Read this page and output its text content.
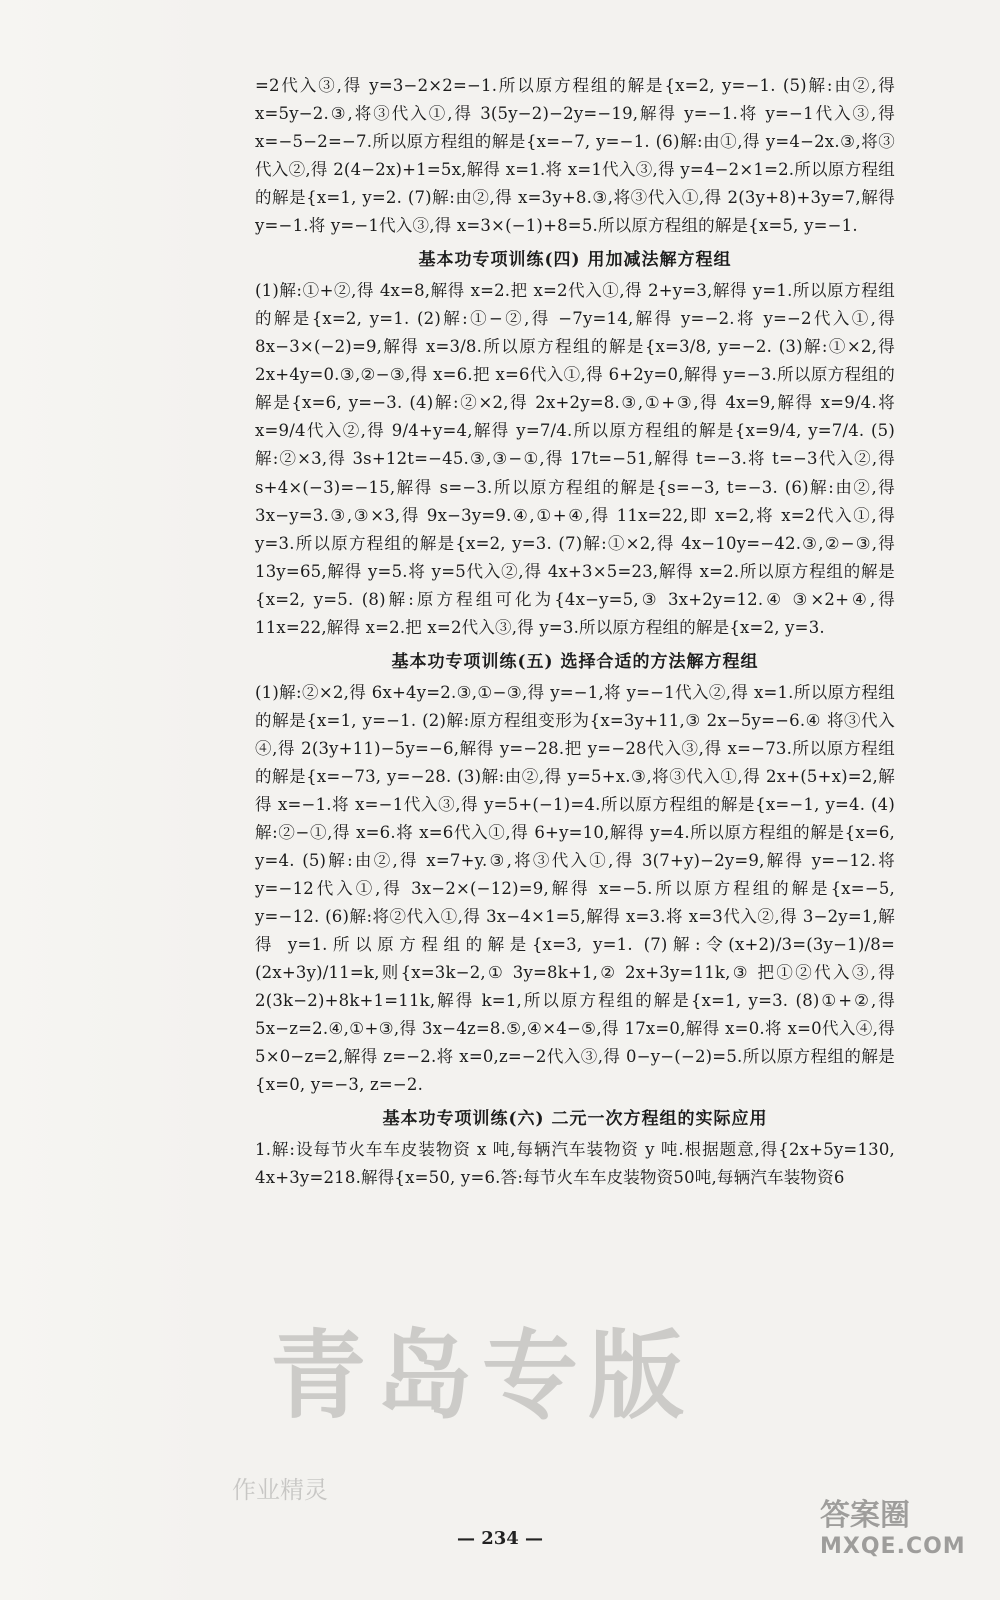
=2代入③,得 y=3−2×2=−1.所以原方程组的解是{x=2, y=−1. (5)解:由②,得 x=5y−2.③,将③代入①,得 3(5y−2)−2y=−19,解得 y=−1.将 y=−1代入③,得 x=−5−2=−7.所以原方程组的解是{x=−7, y=−1. (6)解:由①,得 y=4−2x.③,将③代入②,得 2(4−2x)+1=5x,解得 x=1.将 x=1代入③,得 y=4−2×1=2.所以原方程组的解是{x=1, y=2. (7)解:由②,得 x=3y+8.③,将③代入①,得 2(3y+8)+3y=7,解得 y=−1.将 y=−1代入③,得 x=3×(−1)+8=5.所以原方程组的解是{x=5, y=−1.

基本功专项训练(四) 用加减法解方程组

(1)解:①+②,得 4x=8,解得 x=2.把 x=2代入①,得 2+y=3,解得 y=1.所以原方程组的解是{x=2, y=1. (2)解:①−②,得 −7y=14,解得 y=−2.将 y=−2代入①,得 8x−3×(−2)=9,解得 x=3/8.所以原方程组的解是{x=3/8, y=−2. (3)解:①×2,得 2x+4y=0.③,②−③,得 x=6.把 x=6代入①,得 6+2y=0,解得 y=−3.所以原方程组的解是{x=6, y=−3. (4)解:②×2,得 2x+2y=8.③,①+③,得 4x=9,解得 x=9/4.将 x=9/4代入②,得 9/4+y=4,解得 y=7/4.所以原方程组的解是{x=9/4, y=7/4. (5)解:②×3,得 3s+12t=−45.③,③−①,得 17t=−51,解得 t=−3.将 t=−3代入②,得 s+4×(−3)=−15,解得 s=−3.所以原方程组的解是{s=−3, t=−3. (6)解:由②,得 3x−y=3.③,③×3,得 9x−3y=9.④,①+④,得 11x=22,即 x=2,将 x=2代入①,得 y=3.所以原方程组的解是{x=2, y=3. (7)解:①×2,得 4x−10y=−42.③,②−③,得 13y=65,解得 y=5.将 y=5代入②,得 4x+3×5=23,解得 x=2.所以原方程组的解是{x=2, y=5. (8)解:原方程组可化为{4x−y=5,③ 3x+2y=12.④ ③×2+④,得 11x=22,解得 x=2.把 x=2代入③,得 y=3.所以原方程组的解是{x=2, y=3.

基本功专项训练(五) 选择合适的方法解方程组

(1)解:②×2,得 6x+4y=2.③,①−③,得 y=−1,将 y=−1代入②,得 x=1.所以原方程组的解是{x=1, y=−1. (2)解:原方程组变形为{x=3y+11,③ 2x−5y=−6.④ 将③代入④,得 2(3y+11)−5y=−6,解得 y=−28.把 y=−28代入③,得 x=−73.所以原方程组的解是{x=−73, y=−28. (3)解:由②,得 y=5+x.③,将③代入①,得 2x+(5+x)=2,解得 x=−1.将 x=−1代入③,得 y=5+(−1)=4.所以原方程组的解是{x=−1, y=4. (4)解:②−①,得 x=6.将 x=6代入①,得 6+y=10,解得 y=4.所以原方程组的解是{x=6, y=4. (5)解:由②,得 x=7+y.③,将③代入①,得 3(7+y)−2y=9,解得 y=−12.将 y=−12代入①,得 3x−2×(−12)=9,解得 x=−5.所以原方程组的解是{x=−5, y=−12. (6)解:将②代入①,得 3x−4×1=5,解得 x=3.将 x=3代入②,得 3−2y=1,解得 y=1.所以原方程组的解是{x=3, y=1. (7)解:令(x+2)/3=(3y−1)/8=(2x+3y)/11=k,则{x=3k−2,① 3y=8k+1,② 2x+3y=11k,③ 把①②代入③,得 2(3k−2)+8k+1=11k,解得 k=1,所以原方程组的解是{x=1, y=3. (8)①+②,得 5x−z=2.④,①+③,得 3x−4z=8.⑤,④×4−⑤,得 17x=0,解得 x=0.将 x=0代入④,得 5×0−z=2,解得 z=−2.将 x=0,z=−2代入③,得 0−y−(−2)=5.所以原方程组的解是{x=0, y=−3, z=−2.

基本功专项训练(六) 二元一次方程组的实际应用

1.解:设每节火车车皮装物资 x 吨,每辆汽车装物资 y 吨.根据题意,得{2x+5y=130, 4x+3y=218.解得{x=50, y=6.答:每节火车车皮装物资50吨,每辆汽车装物资6

青岛专版
作业精灵
— 234 —
答案圈
MXQE.COM
